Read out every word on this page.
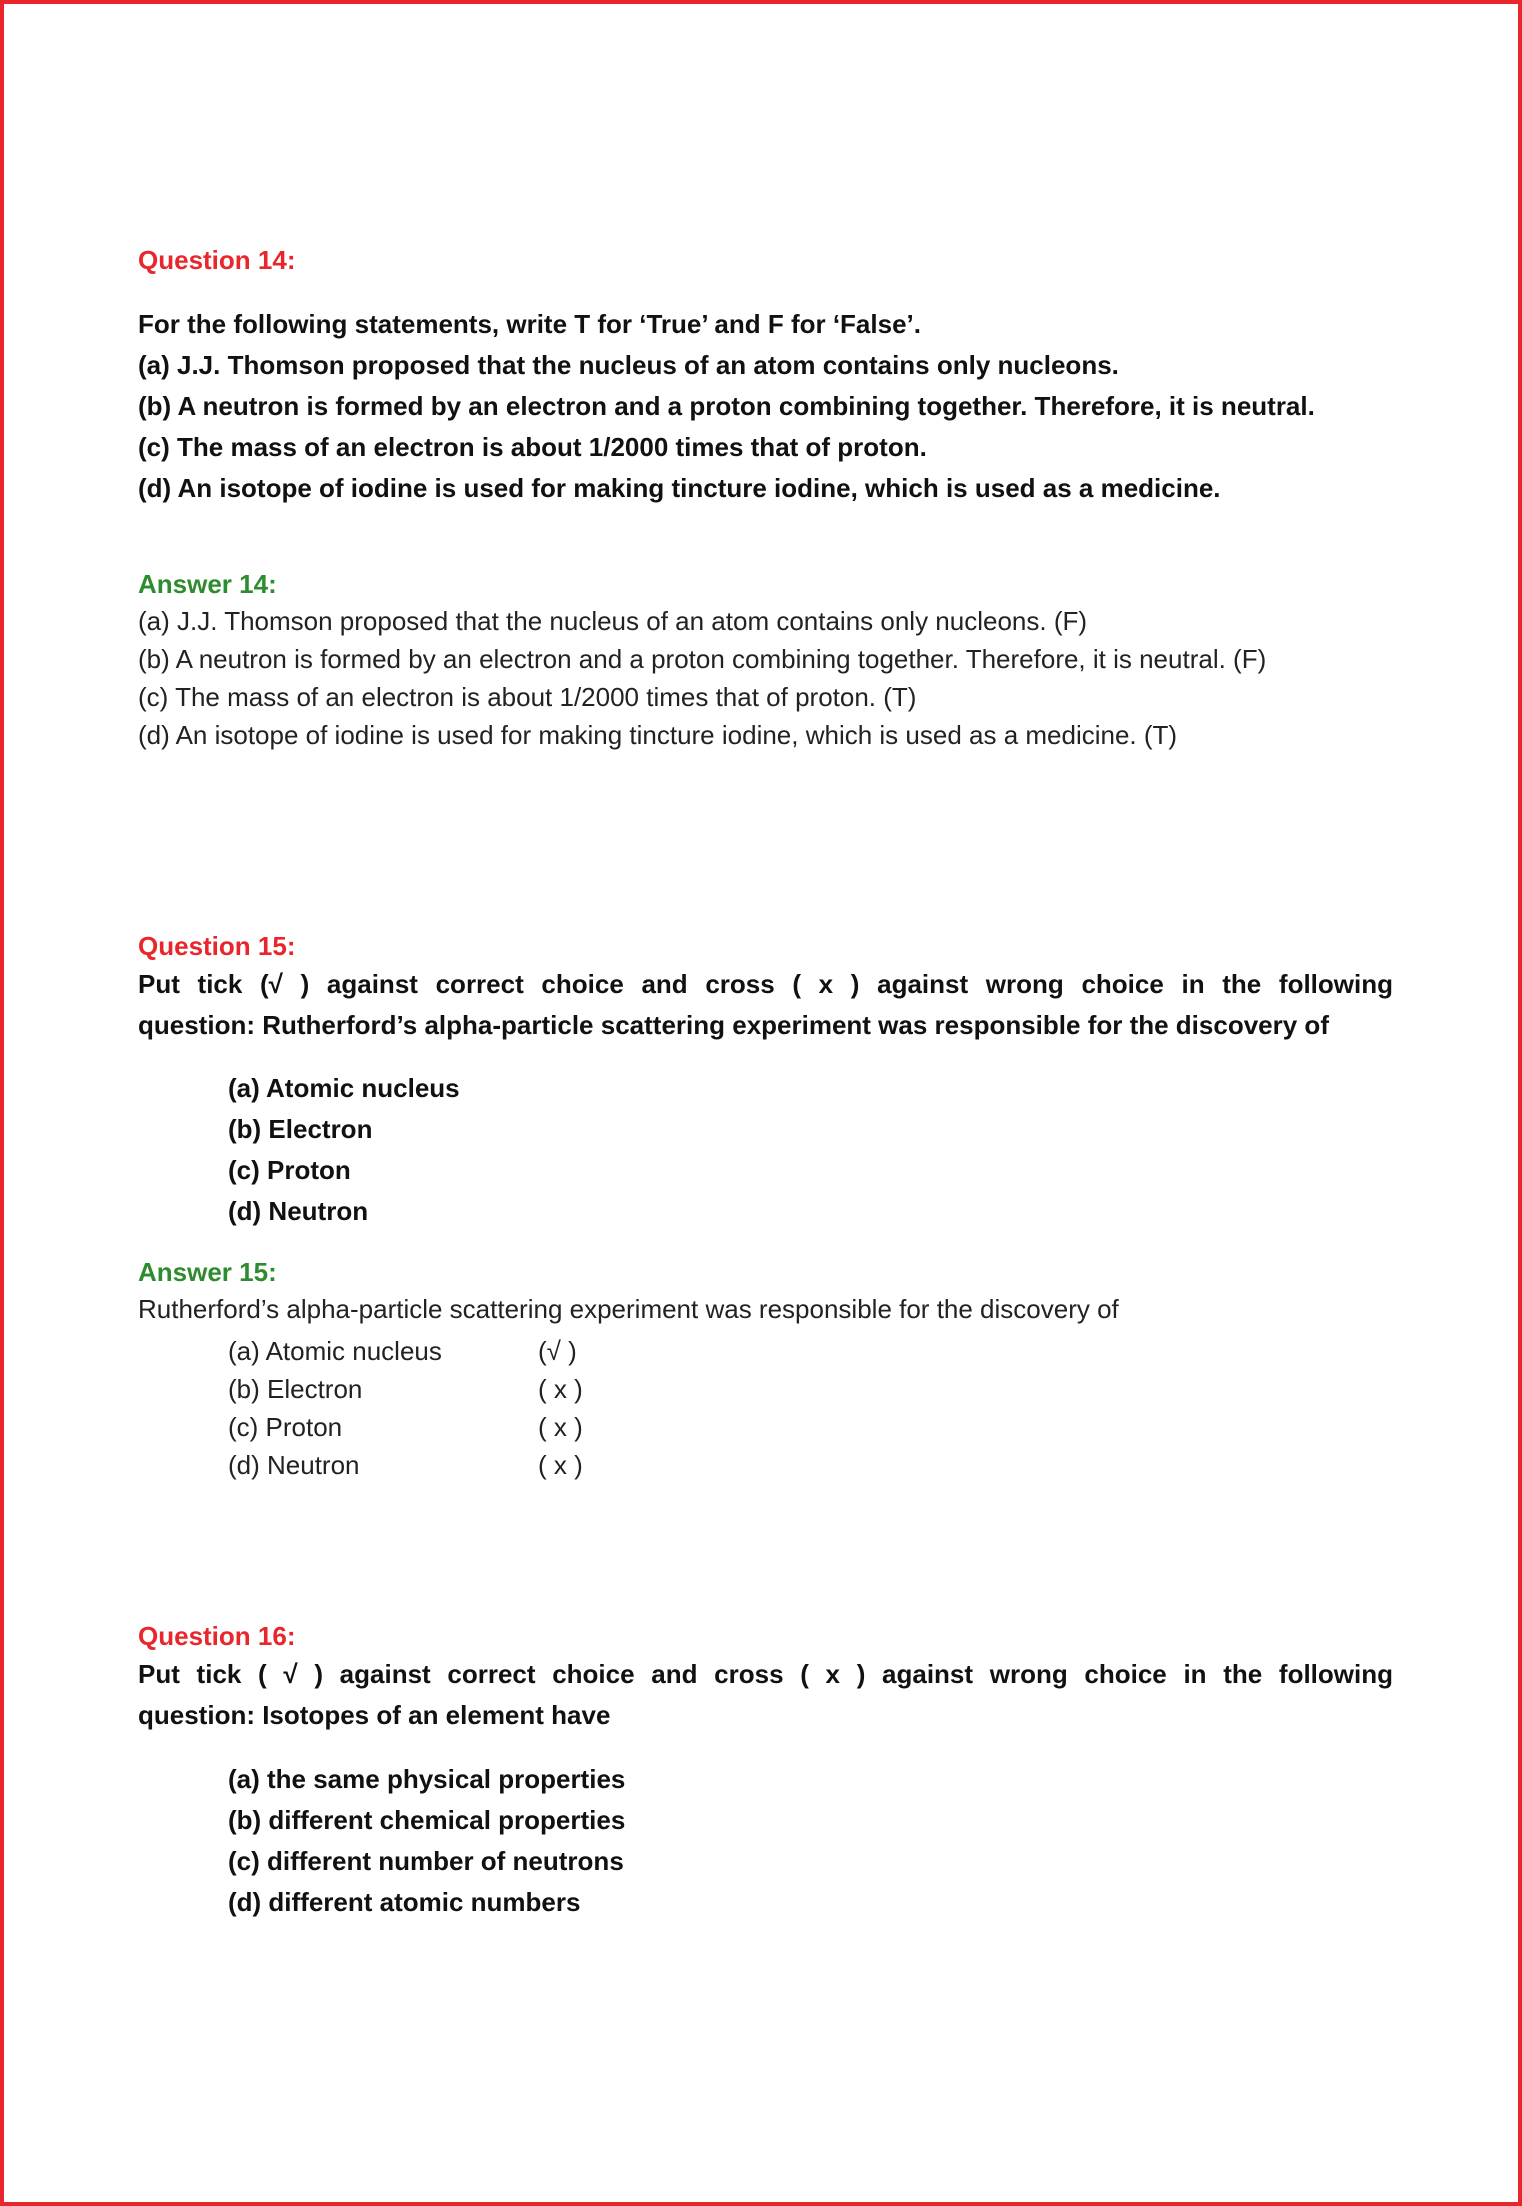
Question 14:

For the following statements, write T for ‘True’ and F for ‘False’.

(a) J.J. Thomson proposed that the nucleus of an atom contains only nucleons.

(b) A neutron is formed by an electron and a proton combining together. Therefore, it is neutral.

(c) The mass of an electron is about 1/2000 times that of proton.

(d) An isotope of iodine is used for making tincture iodine, which is used as a medicine.

Answer 14:

(a) J.J. Thomson proposed that the nucleus of an atom contains only nucleons. (F)

(b) A neutron is formed by an electron and a proton combining together. Therefore, it is neutral. (F)

(c) The mass of an electron is about 1/2000 times that of proton. (T)

(d) An isotope of iodine is used for making tincture iodine, which is used as a medicine. (T)

Question 15:

Put tick (√ ) against correct choice and cross ( x ) against wrong choice in the following

question: Rutherford’s alpha-particle scattering experiment was responsible for the discovery of

(a) Atomic nucleus

(b) Electron

(c) Proton

(d) Neutron

Answer 15:

Rutherford’s alpha-particle scattering experiment was responsible for the discovery of

(a) Atomic nucleus	(√ )
(b) Electron	( x )
(c) Proton	( x )
(d) Neutron	( x )

Question 16:

Put tick ( √ ) against correct choice and cross ( x ) against wrong choice in the following

question: Isotopes of an element have

(a) the same physical properties

(b) different chemical properties

(c) different number of neutrons

(d) different atomic numbers
